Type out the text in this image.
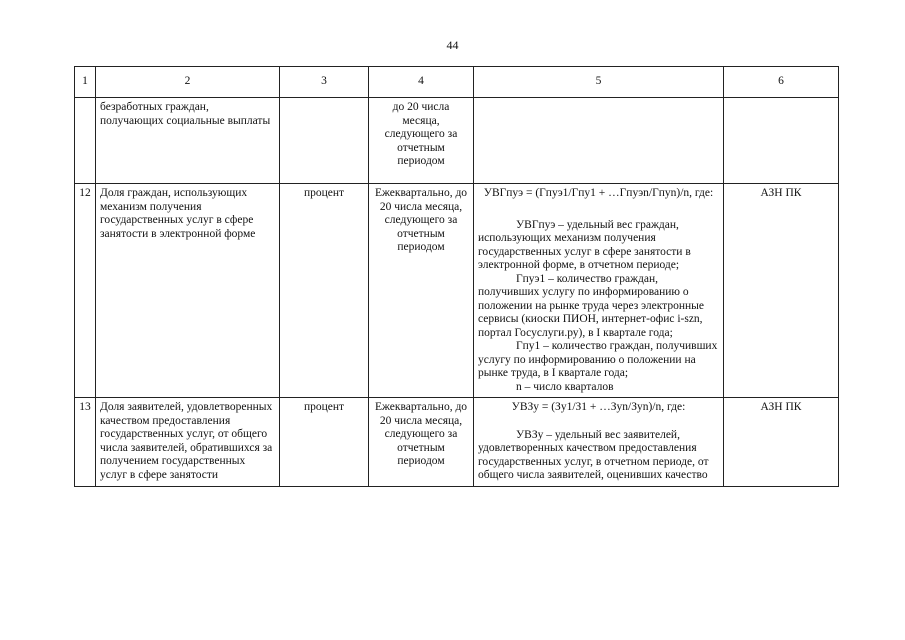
44
1	2	3	4	5	6

	безработных граждан, получающих социальные выплаты		до 20 числа месяца, следующего за отчетным периодом		

12	Доля граждан, использующих механизм получения государственных услуг в сфере занятости в электронной форме	процент	Ежеквартально, до 20 числа месяца, следующего за отчетным периодом	УВГпуэ = (Гпуэ1/Гпу1 + …Гпуэn/Гпуn)/n, где:
УВГпуэ – удельный вес граждан, использующих механизм получения государственных услуг в сфере занятости в электронной форме, в отчетном периоде;
Гпуэ1 – количество граждан, получивших услугу по информированию о положении на рынке труда через электронные сервисы (киоски ПИОН, интернет-офис i-szn, портал Госуслуги.ру), в I квартале года;
Гпу1 – количество граждан, получивших услугу по информированию о положении на рынке труда, в I квартале года;
n – число кварталов	АЗН ПК
13	Доля заявителей, удовлетворенных качеством предоставления государственных услуг, от общего числа заявителей, обратившихся за получением государственных услуг в сфере занятости	процент	Ежеквартально, до 20 числа месяца, следующего за отчетным периодом	УВЗу = (Зу1/З1 + …Зуn/Зуn)/n, где:
УВЗу – удельный вес заявителей, удовлетворенных качеством предоставления государственных услуг, в отчетном периоде, от общего числа заявителей, оценивших качество	АЗН ПК
